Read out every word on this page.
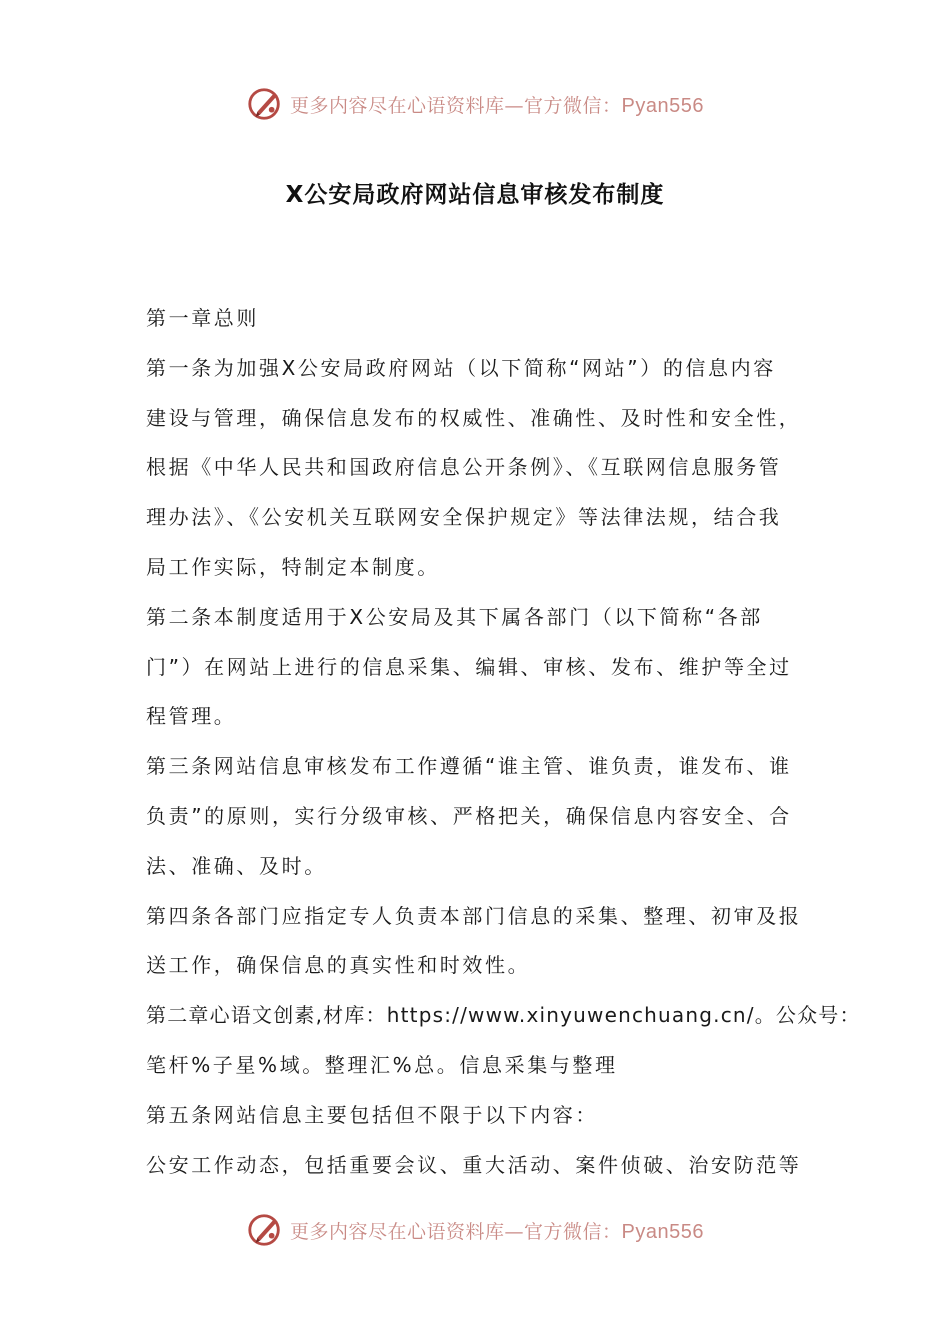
更多内容尽在心语资料库—官方微信：Pyan556
X公安局政府网站信息审核发布制度
第一章总则
第一条为加强X公安局政府网站（以下简称“网站”）的信息内容
建设与管理，确保信息发布的权威性、准确性、及时性和安全性，
根据《中华人民共和国政府信息公开条例》、《互联网信息服务管
理办法》、《公安机关互联网安全保护规定》等法律法规，结合我
局工作实际，特制定本制度。
第二条本制度适用于X公安局及其下属各部门（以下简称“各部
门”）在网站上进行的信息采集、编辑、审核、发布、维护等全过
程管理。
第三条网站信息审核发布工作遵循“谁主管、谁负责，谁发布、谁
负责”的原则，实行分级审核、严格把关，确保信息内容安全、合
法、准确、及时。
第四条各部门应指定专人负责本部门信息的采集、整理、初审及报
送工作，确保信息的真实性和时效性。
第二章心语文创素,材库：https://www.xinyuwenchuang.cn/。公众号：
笔杆%子星%域。整理汇%总。信息采集与整理
第五条网站信息主要包括但不限于以下内容：
公安工作动态，包括重要会议、重大活动、案件侦破、治安防范等
更多内容尽在心语资料库—官方微信：Pyan556
